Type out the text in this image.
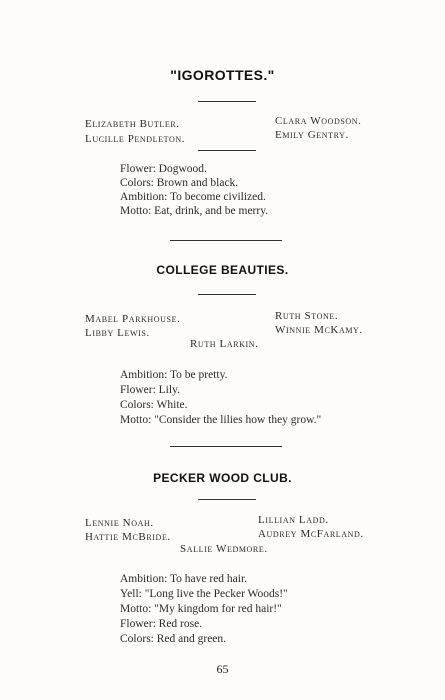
"IGOROTTES."
Elizabeth Butler.
Lucille Pendleton.
Clara Woodson.
Emily Gentry.
Flower: Dogwood.
Colors: Brown and black.
Ambition: To become civilized.
Motto: Eat, drink, and be merry.
COLLEGE BEAUTIES.
Mabel Parkhouse.
Libby Lewis.
Ruth Stone.
Winnie McKamy.
Ruth Larkin.
Ambition: To be pretty.
Flower: Lily.
Colors: White.
Motto: "Consider the lilies how they grow."
PECKER WOOD CLUB.
Lennie Noah.
Hattie McBride.
Lillian Ladd.
Audrey McFarland.
Sallie Wedmore.
Ambition: To have red hair.
Yell: "Long live the Pecker Woods!"
Motto: "My kingdom for red hair!"
Flower: Red rose.
Colors: Red and green.
65
